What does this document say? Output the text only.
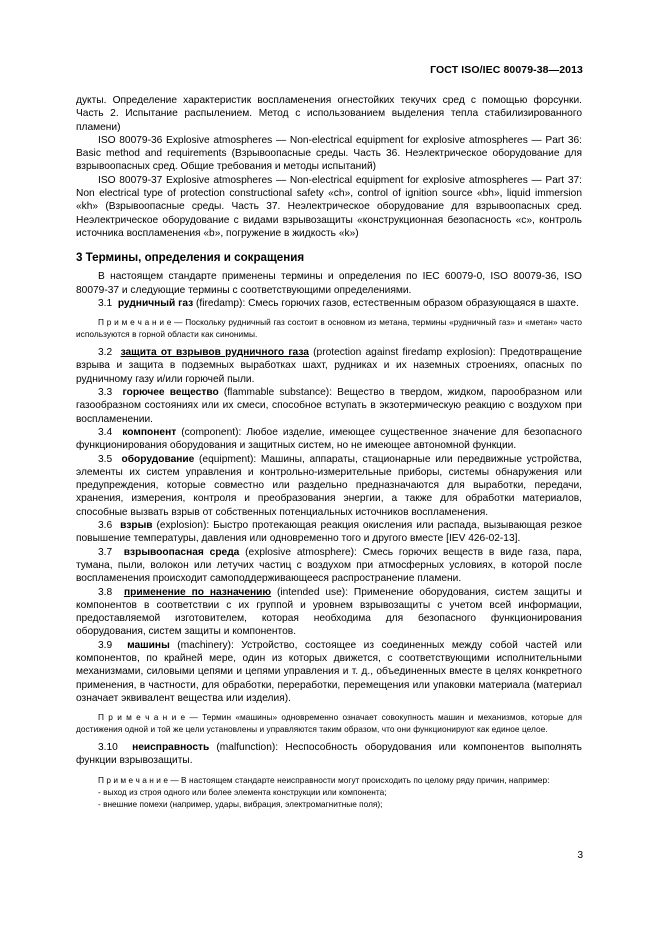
ГОСТ ISO/IEC 80079-38—2013

дукты. Определение характеристик воспламенения огнестойких текучих сред с помощью форсунки. Часть 2. Испытание распылением. Метод с использованием выделения тепла стабилизированного пламени)

ISO 80079-36 Explosive atmospheres — Non-electrical equipment for explosive atmospheres — Part 36: Basic method and requirements (Взрывоопасные среды. Часть 36. Неэлектрическое оборудование для взрывоопасных сред. Общие требования и методы испытаний)

ISO 80079-37 Explosive atmospheres — Non-electrical equipment for explosive atmospheres — Part 37: Non electrical type of protection constructional safety «ch», control of ignition source «bh», liquid immersion «kh» (Взрывоопасные среды. Часть 37. Неэлектрическое оборудование для взрывоопасных сред. Неэлектрическое оборудование с видами взрывозащиты «конструкционная безопасность «c», контроль источника воспламенения «b», погружение в жидкость «k»)

3 Термины, определения и сокращения

В настоящем стандарте применены термины и определения по IEC 60079-0, ISO 80079-36, ISO 80079-37 и следующие термины с соответствующими определениями.

3.1 рудничный газ (firedamp): Смесь горючих газов, естественным образом образующаяся в шахте.

П р и м е ч а н и е — Поскольку рудничный газ состоит в основном из метана, термины «рудничный газ» и «метан» часто используются в горной области как синонимы.

3.2 защита от взрывов рудничного газа (protection against firedamp explosion): Предотвращение взрыва и защита в подземных выработках шахт, рудниках и их наземных строениях, опасных по рудничному газу и/или горючей пыли.

3.3 горючее вещество (flammable substance): Вещество в твердом, жидком, парообразном или газообразном состояниях или их смеси, способное вступать в экзотермическую реакцию с воздухом при воспламенении.

3.4 компонент (component): Любое изделие, имеющее существенное значение для безопасного функционирования оборудования и защитных систем, но не имеющее автономной функции.

3.5 оборудование (equipment): Машины, аппараты, стационарные или передвижные устройства, элементы их систем управления и контрольно-измерительные приборы, системы обнаружения или предупреждения, которые совместно или раздельно предназначаются для выработки, передачи, хранения, измерения, контроля и преобразования энергии, а также для обработки материалов, способные вызвать взрыв от собственных потенциальных источников воспламенения.

3.6 взрыв (explosion): Быстро протекающая реакция окисления или распада, вызывающая резкое повышение температуры, давления или одновременно того и другого вместе [IEV 426-02-13].

3.7 взрывоопасная среда (explosive atmosphere): Смесь горючих веществ в виде газа, пара, тумана, пыли, волокон или летучих частиц с воздухом при атмосферных условиях, в которой после воспламенения происходит самоподдерживающееся распространение пламени.

3.8 применение по назначению (intended use): Применение оборудования, систем защиты и компонентов в соответствии с их группой и уровнем взрывозащиты с учетом всей информации, предоставляемой изготовителем, которая необходима для безопасного функционирования оборудования, систем защиты и компонентов.

3.9 машины (machinery): Устройство, состоящее из соединенных между собой частей или компонентов, по крайней мере, один из которых движется, с соответствующими исполнительными механизмами, силовыми цепями и цепями управления и т. д., объединенных вместе в целях конкретного применения, в частности, для обработки, переработки, перемещения или упаковки материала (материал означает эквивалент вещества или изделия).

П р и м е ч а н и е — Термин «машины» одновременно означает совокупность машин и механизмов, которые для достижения одной и той же цели установлены и управляются таким образом, что они функционируют как единое целое.

3.10 неисправность (malfunction): Неспособность оборудования или компонентов выполнять функции взрывозащиты.

П р и м е ч а н и е — В настоящем стандарте неисправности могут происходить по целому ряду причин, например:

- выход из строя одного или более элемента конструкции или компонента;

- внешние помехи (например, удары, вибрация, электромагнитные поля);

3
